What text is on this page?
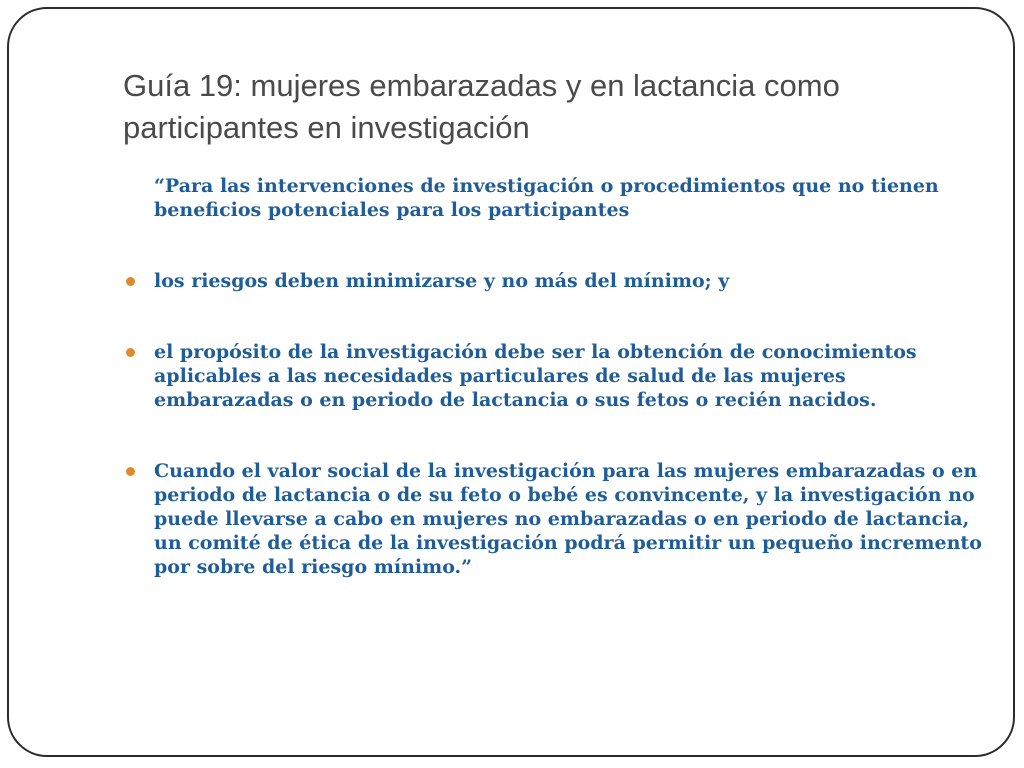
Guía 19: mujeres embarazadas y en lactancia como participantes en investigación

“Para las intervenciones de investigación o procedimientos que no tienen beneficios potenciales para los participantes

los riesgos deben minimizarse y no más del mínimo; y
el propósito de la investigación debe ser la obtención de conocimientos aplicables a las necesidades particulares de salud de las mujeres embarazadas o en periodo de lactancia o sus fetos o recién nacidos.
Cuando el valor social de la investigación para las mujeres embarazadas o en periodo de lactancia o de su feto o bebé es convincente, y la investigación no puede llevarse a cabo en mujeres no embarazadas o en periodo de lactancia, un comité de ética de la investigación podrá permitir un pequeño incremento por sobre del riesgo mínimo.”
